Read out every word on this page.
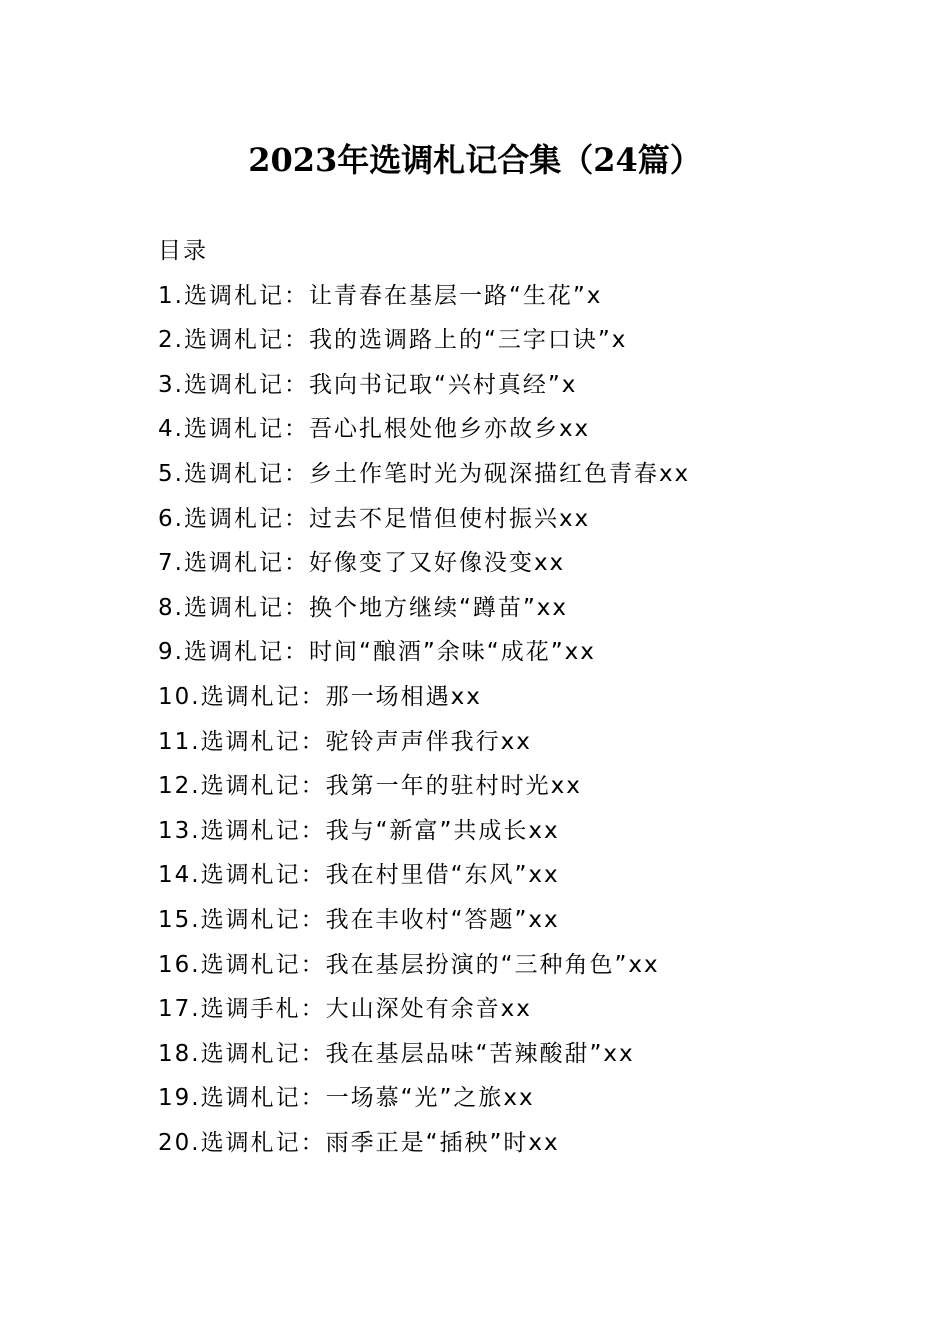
2023年选调札记合集（24篇）
目录
1.选调札记：让青春在基层一路“生花”x
2.选调札记：我的选调路上的“三字口诀”x
3.选调札记：我向书记取“兴村真经”x
4.选调札记：吾心扎根处他乡亦故乡xx
5.选调札记：乡土作笔时光为砚深描红色青春xx
6.选调札记：过去不足惜但使村振兴xx
7.选调札记：好像变了又好像没变xx
8.选调札记：换个地方继续“蹲苗”xx
9.选调札记：时间“酿酒”余味“成花”xx
10.选调札记：那一场相遇xx
11.选调札记：驼铃声声伴我行xx
12.选调札记：我第一年的驻村时光xx
13.选调札记：我与“新富”共成长xx
14.选调札记：我在村里借“东风”xx
15.选调札记：我在丰收村“答题”xx
16.选调札记：我在基层扮演的“三种角色”xx
17.选调手札：大山深处有余音xx
18.选调札记：我在基层品味“苦辣酸甜”xx
19.选调札记：一场慕“光”之旅xx
20.选调札记：雨季正是“插秧”时xx
